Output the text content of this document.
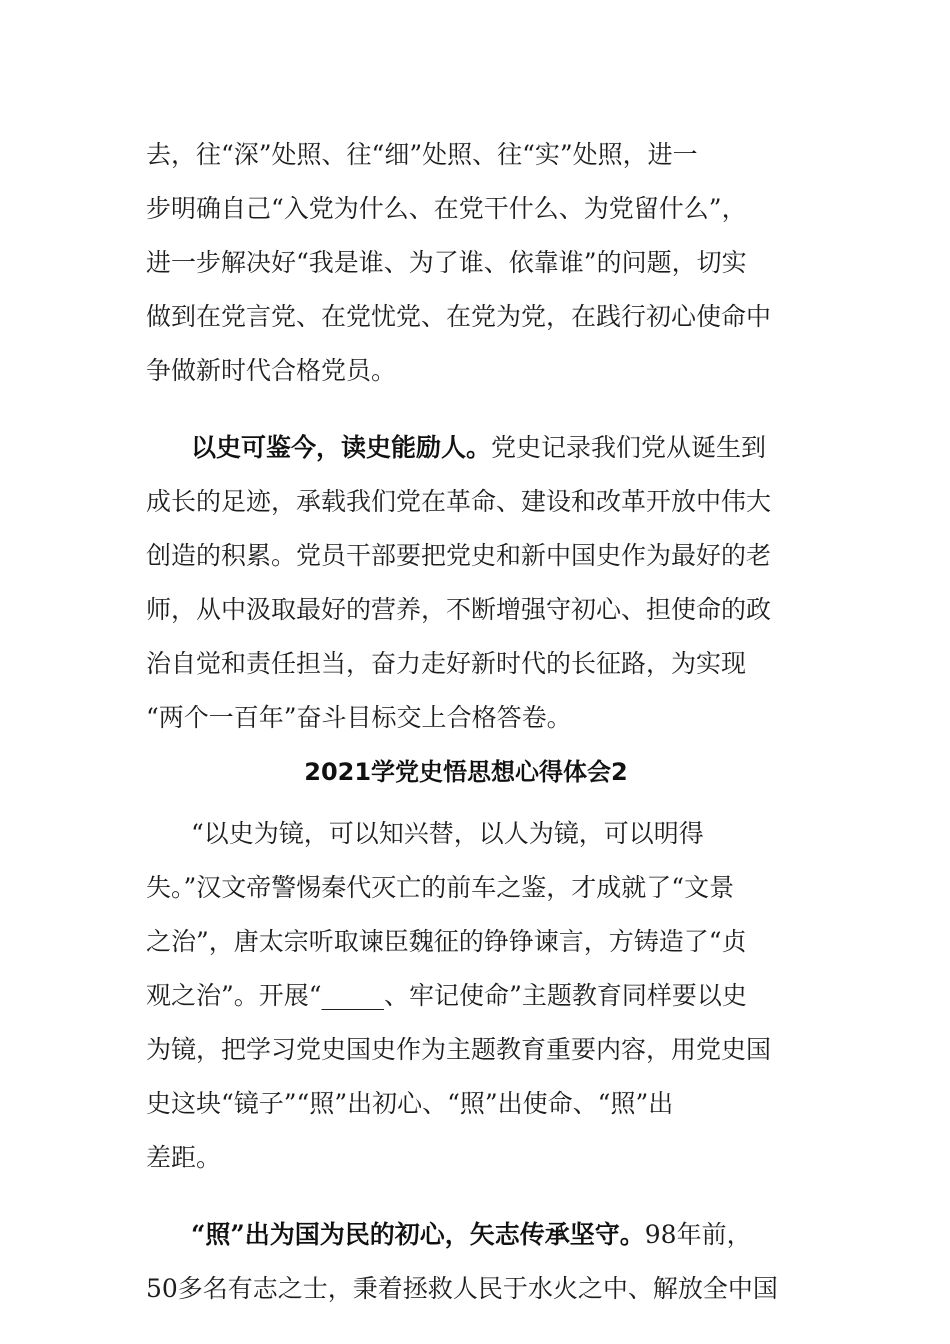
去，往“深”处照、往“细”处照、往“实”处照，进一
步明确自己“入党为什么、在党干什么、为党留什么”，
进一步解决好“我是谁、为了谁、依靠谁”的问题，切实
做到在党言党、在党忧党、在党为党，在践行初心使命中
争做新时代合格党员。
以史可鉴今，读史能励人。党史记录我们党从诞生到
成长的足迹，承载我们党在革命、建设和改革开放中伟大
创造的积累。党员干部要把党史和新中国史作为最好的老
师，从中汲取最好的营养，不断增强守初心、担使命的政
治自觉和责任担当，奋力走好新时代的长征路，为实现
“两个一百年”奋斗目标交上合格答卷。
2021学党史悟思想心得体会2
“以史为镜，可以知兴替，以人为镜，可以明得
失。”汉文帝警惕秦代灭亡的前车之鉴，才成就了“文景
之治”，唐太宗听取谏臣魏征的铮铮谏言，方铸造了“贞
观之治”。开展“_____、牢记使命”主题教育同样要以史
为镜，把学习党史国史作为主题教育重要内容，用党史国
史这块“镜子”“照”出初心、“照”出使命、“照”出
差距。
“照”出为国为民的初心，矢志传承坚守。98年前，
50多名有志之士，秉着拯救人民于水火之中、解放全中国
